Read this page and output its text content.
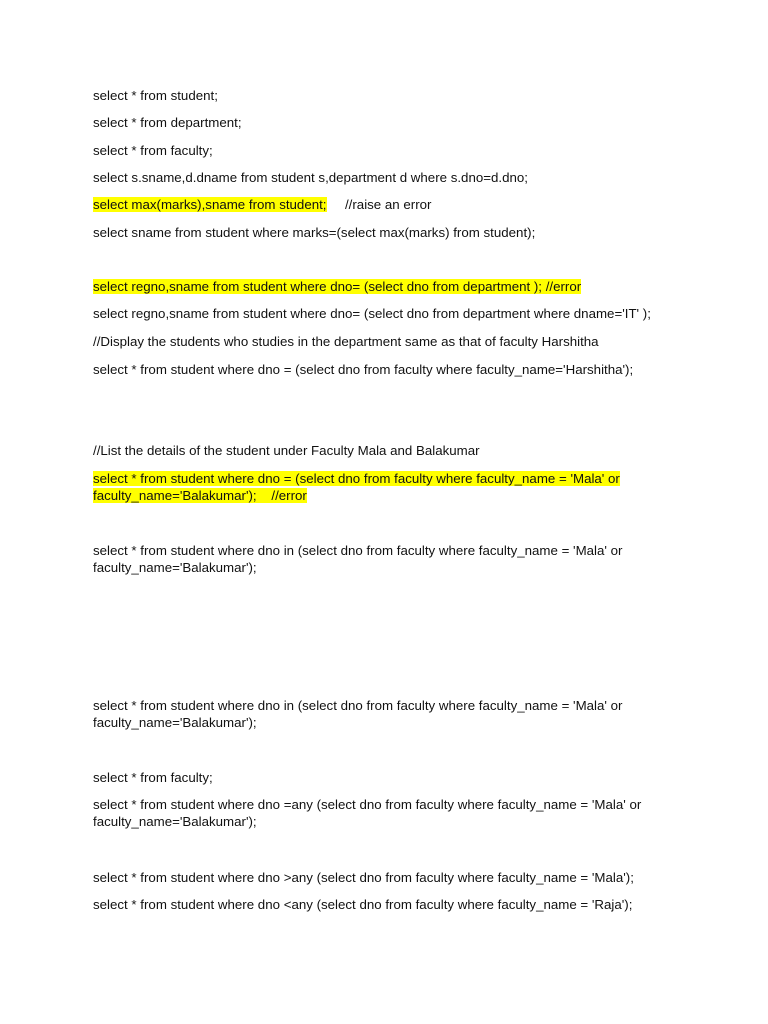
select * from student;
select * from department;
select * from faculty;
select s.sname,d.dname from student s,department d where s.dno=d.dno;
select max(marks),sname from student;     //raise an error
select sname from student where marks=(select max(marks) from student);
select regno,sname from student where dno= (select dno from department ); //error
select regno,sname from student where dno= (select dno from department where dname='IT' );
//Display the students who studies in the department same as that of faculty Harshitha
select * from student where dno = (select dno from faculty where faculty_name='Harshitha');
//List the details of the student under Faculty Mala and Balakumar
select * from student where dno = (select dno from faculty where faculty_name = 'Mala' or
faculty_name='Balakumar');    //error
select * from student where dno in (select dno from faculty where faculty_name = 'Mala' or
faculty_name='Balakumar');
select * from student where dno in (select dno from faculty where faculty_name = 'Mala' or
faculty_name='Balakumar');
select * from faculty;
select * from student where dno =any (select dno from faculty where faculty_name = 'Mala' or
faculty_name='Balakumar');
select * from student where dno >any (select dno from faculty where faculty_name = 'Mala');
select * from student where dno <any (select dno from faculty where faculty_name = 'Raja');
